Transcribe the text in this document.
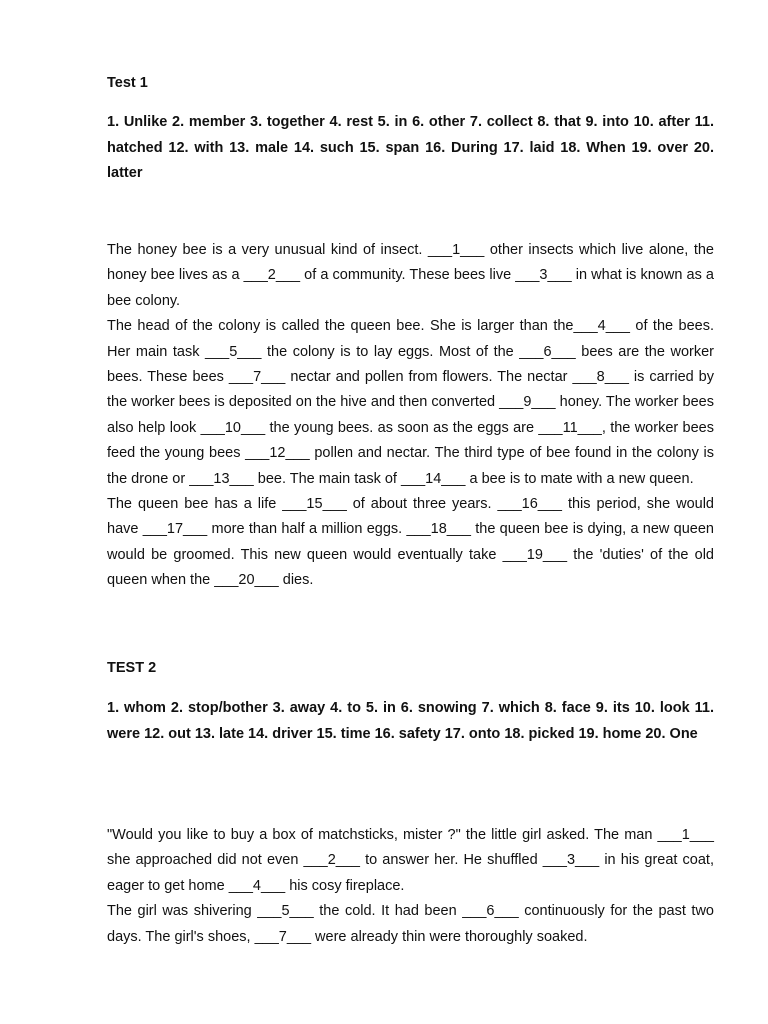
Test 1

1. Unlike 2. member 3. together 4. rest 5. in 6. other 7. collect 8. that 9. into 10. after 11. hatched 12. with 13. male 14. such 15. span 16. During 17. laid 18. When 19. over 20. latter

The honey bee is a very unusual kind of insect. ___1___ other insects which live alone, the honey bee lives as a ___2___ of a community. These bees live ___3___ in what is known as a bee colony.

The head of the colony is called the queen bee. She is larger than the___4___ of the bees. Her main task ___5___ the colony is to lay eggs. Most of the ___6___ bees are the worker bees. These bees ___7___ nectar and pollen from flowers. The nectar ___8___ is carried by the worker bees is deposited on the hive and then converted ___9___ honey. The worker bees also help look ___10___ the young bees. as soon as the eggs are ___11___, the worker bees feed the young bees ___12___ pollen and nectar. The third type of bee found in the colony is the drone or ___13___ bee. The main task of ___14___ a bee is to mate with a new queen.

The queen bee has a life ___15___ of about three years. ___16___ this period, she would have ___17___ more than half a million eggs. ___18___ the queen bee is dying, a new queen would be groomed. This new queen would eventually take ___19___ the 'duties' of the old queen when the ___20___ dies.

TEST 2

1. whom 2. stop/bother 3. away 4. to 5. in 6. snowing 7. which 8. face 9. its 10. look 11. were 12. out 13. late 14. driver 15. time 16. safety 17. onto 18. picked 19. home 20. One

"Would you like to buy a box of matchsticks, mister ?" the little girl asked. The man ___1___ she approached did not even ___2___ to answer her. He shuffled ___3___ in his great coat, eager to get home ___4___ his cosy fireplace.

The girl was shivering ___5___ the cold. It had been ___6___ continuously for the past two days. The girl's shoes, ___7___ were already thin were thoroughly soaked.
